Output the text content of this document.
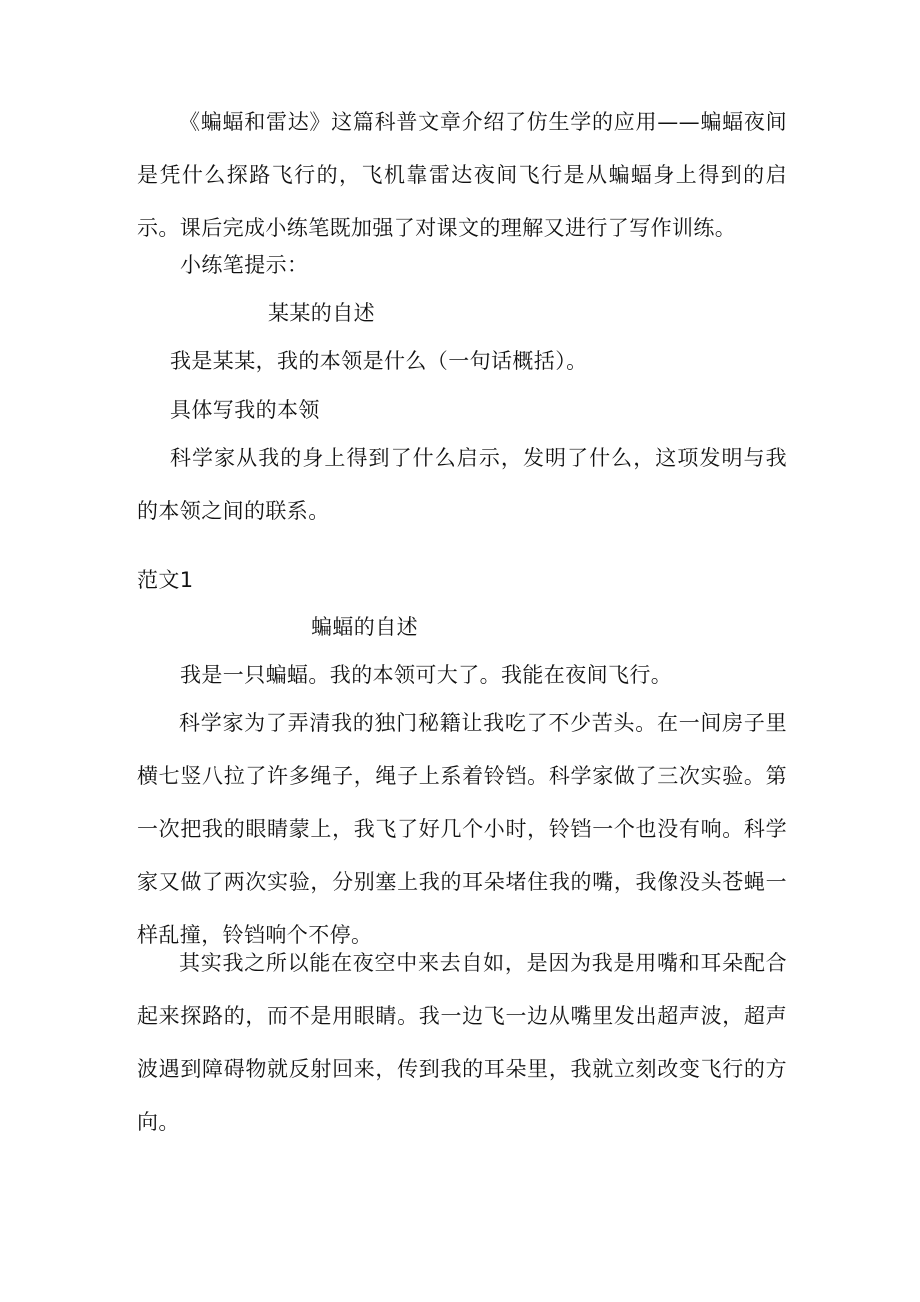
《蝙蝠和雷达》这篇科普文章介绍了仿生学的应用——蝙蝠夜间是凭什么探路飞行的，飞机靠雷达夜间飞行是从蝙蝠身上得到的启示。课后完成小练笔既加强了对课文的理解又进行了写作训练。

小练笔提示：

某某的自述

我是某某，我的本领是什么（一句话概括）。

具体写我的本领

科学家从我的身上得到了什么启示，发明了什么，这项发明与我的本领之间的联系。

范文1

蝙蝠的自述

我是一只蝙蝠。我的本领可大了。我能在夜间飞行。

科学家为了弄清我的独门秘籍让我吃了不少苦头。在一间房子里横七竖八拉了许多绳子，绳子上系着铃铛。科学家做了三次实验。第一次把我的眼睛蒙上，我飞了好几个小时，铃铛一个也没有响。科学家又做了两次实验，分别塞上我的耳朵堵住我的嘴，我像没头苍蝇一样乱撞，铃铛响个不停。

其实我之所以能在夜空中来去自如，是因为我是用嘴和耳朵配合起来探路的，而不是用眼睛。我一边飞一边从嘴里发出超声波，超声波遇到障碍物就反射回来，传到我的耳朵里，我就立刻改变飞行的方向。
